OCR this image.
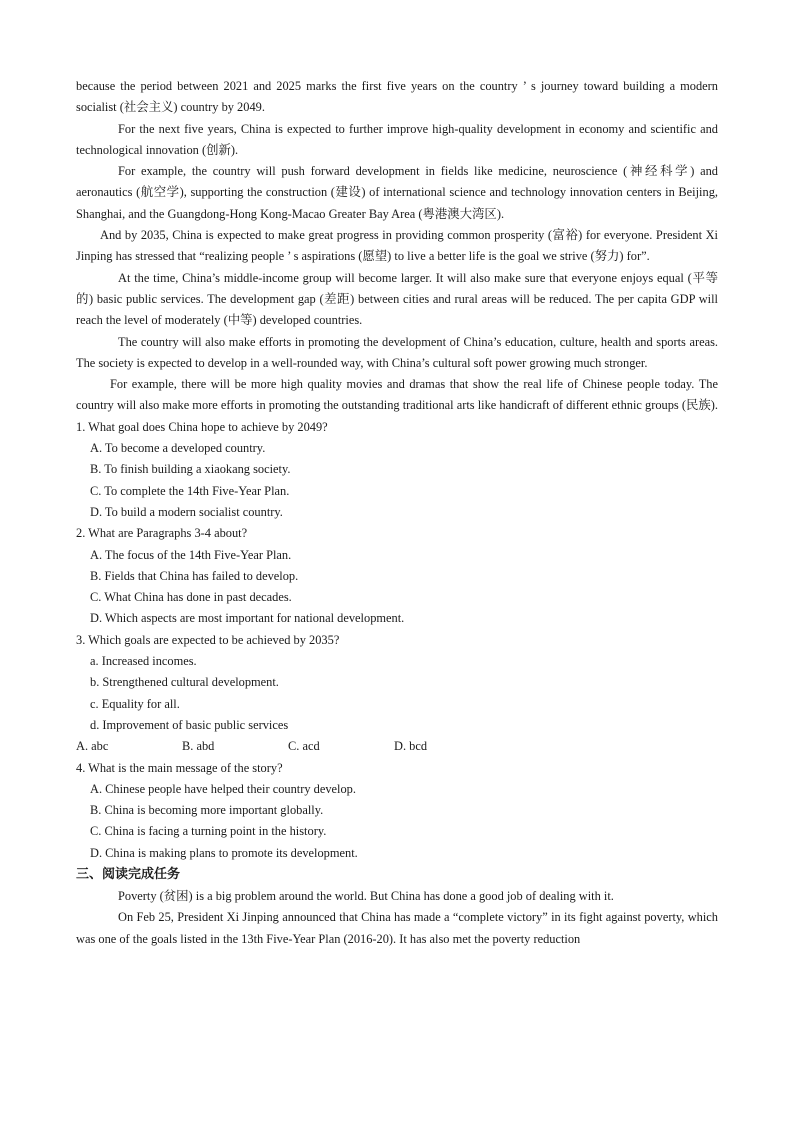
because the period between 2021 and 2025 marks the first five years on the country ’ s journey toward building a modern socialist (社会主义) country by 2049.

For the next five years, China is expected to further improve high-quality development in economy and scientific and technological innovation (创新).

For example, the country will push forward development in fields like medicine, neuroscience (神经科学) and aeronautics (航空学), supporting the construction (建设) of international science and technology innovation centers in Beijing, Shanghai, and the Guangdong-Hong Kong-Macao Greater Bay Area (粤港澳大湾区).

And by 2035, China is expected to make great progress in providing common prosperity (富裕) for everyone. President Xi Jinping has stressed that “realizing people ’ s aspirations (愿望) to live a better life is the goal we strive (努力) for”.

At the time, China’s middle-income group will become larger. It will also make sure that everyone enjoys equal (平等的) basic public services. The development gap (差距) between cities and rural areas will be reduced. The per capita GDP will reach the level of moderately (中等) developed countries.

The country will also make efforts in promoting the development of China’s education, culture, health and sports areas. The society is expected to develop in a well-rounded way, with China’s cultural soft power growing much stronger.

For example, there will be more high quality movies and dramas that show the real life of Chinese people today. The country will also make more efforts in promoting the outstanding traditional arts like handicraft of different ethnic groups (民族).

1. What goal does China hope to achieve by 2049?

A. To become a developed country.

B. To finish building a xiaokang society.

C. To complete the 14th Five-Year Plan.

D. To build a modern socialist country.

2. What are Paragraphs 3-4 about?

A. The focus of the 14th Five-Year Plan.

B. Fields that China has failed to develop.

C. What China has done in past decades.

D. Which aspects are most important for national development.

3. Which goals are expected to be achieved by 2035?

a. Increased incomes.

b. Strengthened cultural development.

c. Equality for all.

d. Improvement of basic public services

A. abc	B. abd	C. acd	D. bcd

4. What is the main message of the story?

A. Chinese people have helped their country develop.

B. China is becoming more important globally.

C. China is facing a turning point in the history.

D. China is making plans to promote its development.

三、阅读完成任务

Poverty (贫困) is a big problem around the world. But China has done a good job of dealing with it.

On Feb 25, President Xi Jinping announced that China has made a “complete victory” in its fight against poverty, which was one of the goals listed in the 13th Five-Year Plan (2016-20). It has also met the poverty reduction
